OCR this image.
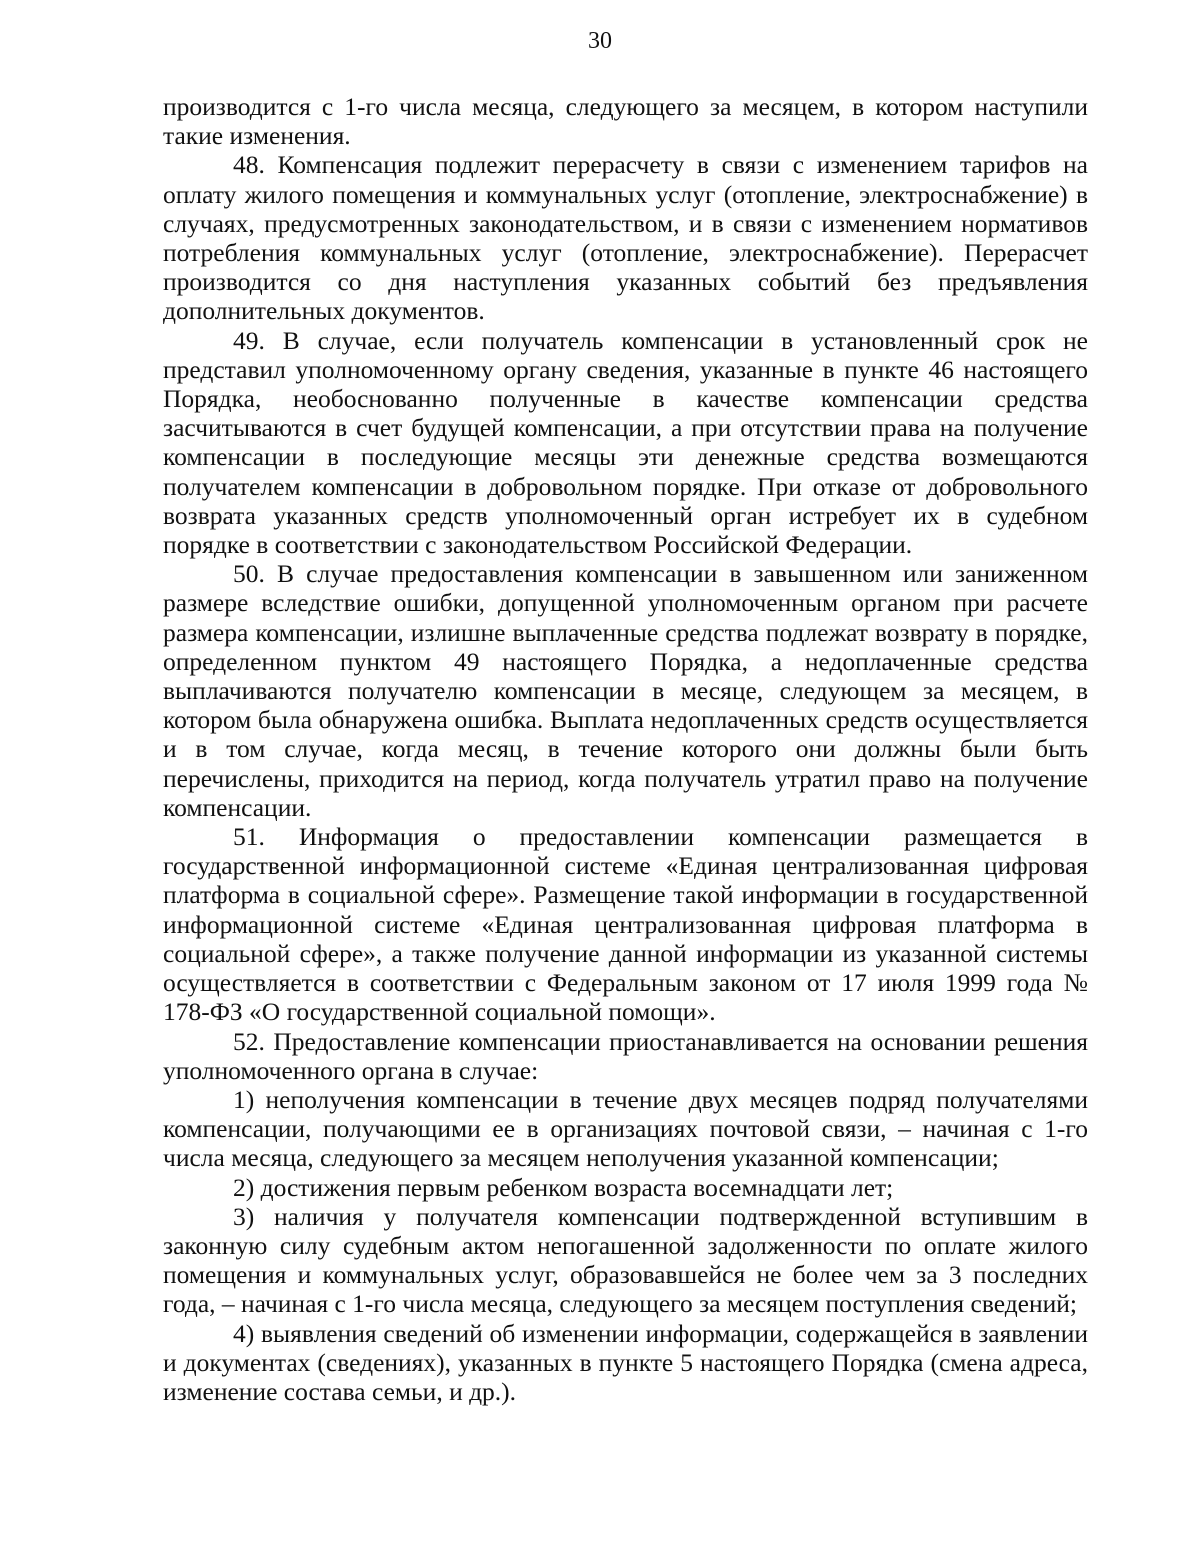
30

производится с 1-го числа месяца, следующего за месяцем, в котором наступили такие изменения.

48. Компенсация подлежит перерасчету в связи с изменением тарифов на оплату жилого помещения и коммунальных услуг (отопление, электроснабжение) в случаях, предусмотренных законодательством, и в связи с изменением нормативов потребления коммунальных услуг (отопление, электроснабжение). Перерасчет производится со дня наступления указанных событий без предъявления дополнительных документов.

49. В случае, если получатель компенсации в установленный срок не представил уполномоченному органу сведения, указанные в пункте 46 настоящего Порядка, необоснованно полученные в качестве компенсации средства засчитываются в счет будущей компенсации, а при отсутствии права на получение компенсации в последующие месяцы эти денежные средства возмещаются получателем компенсации в добровольном порядке. При отказе от добровольного возврата указанных средств уполномоченный орган истребует их в судебном порядке в соответствии с законодательством Российской Федерации.

50. В случае предоставления компенсации в завышенном или заниженном размере вследствие ошибки, допущенной уполномоченным органом при расчете размера компенсации, излишне выплаченные средства подлежат возврату в порядке, определенном пунктом 49 настоящего Порядка, а недоплаченные средства выплачиваются получателю компенсации в месяце, следующем за месяцем, в котором была обнаружена ошибка. Выплата недоплаченных средств осуществляется и в том случае, когда месяц, в течение которого они должны были быть перечислены, приходится на период, когда получатель утратил право на получение компенсации.

51. Информация о предоставлении компенсации размещается в государственной информационной системе «Единая централизованная цифровая платформа в социальной сфере». Размещение такой информации в государственной информационной системе «Единая централизованная цифровая платформа в социальной сфере», а также получение данной информации из указанной системы осуществляется в соответствии с Федеральным законом от 17 июля 1999 года № 178-ФЗ «О государственной социальной помощи».

52. Предоставление компенсации приостанавливается на основании решения уполномоченного органа в случае:

1) неполучения компенсации в течение двух месяцев подряд получателями компенсации, получающими ее в организациях почтовой связи, – начиная с 1-го числа месяца, следующего за месяцем неполучения указанной компенсации;

2) достижения первым ребенком возраста восемнадцати лет;

3) наличия у получателя компенсации подтвержденной вступившим в законную силу судебным актом непогашенной задолженности по оплате жилого помещения и коммунальных услуг, образовавшейся не более чем за 3 последних года, – начиная с 1-го числа месяца, следующего за месяцем поступления сведений;

4) выявления сведений об изменении информации, содержащейся в заявлении и документах (сведениях), указанных в пункте 5 настоящего Порядка (смена адреса, изменение состава семьи, и др.).
